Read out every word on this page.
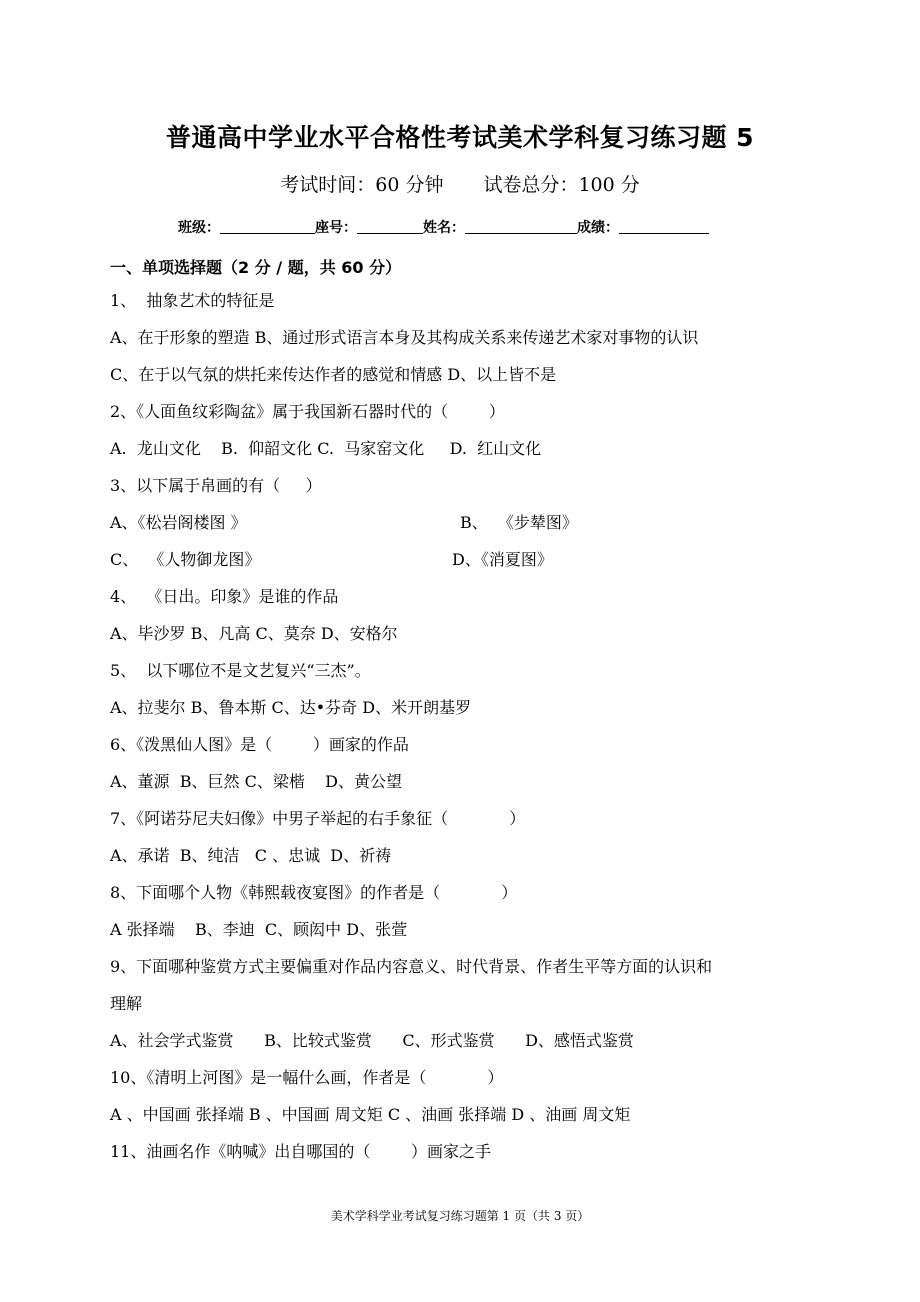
普通高中学业水平合格性考试美术学科复习练习题 5
考试时间：60 分钟 试卷总分：100 分
班级：	座号：	姓名：	成绩：
一、单项选择题（2 分 / 题，共 60 分）
1、  抽象艺术的特征是
A、在于形象的塑造 B、通过形式语言本身及其构成关系来传递艺术家对事物的认识
C、在于以气氛的烘托来传达作者的感觉和情感 D、以上皆不是
2、《人面鱼纹彩陶盆》属于我国新石器时代的（        ）
A.  龙山文化    B.  仰韶文化 C.  马家窑文化     D.  红山文化
3、以下属于帛画的有（     ）
A、《松岩阁楼图 》	B、  《步辇图》
C、  《人物御龙图》	D、《消夏图》
4、  《日出。印象》是谁的作品
A、毕沙罗 B、凡高 C、莫奈 D、安格尔
5、  以下哪位不是文艺复兴“三杰”。
A、拉斐尔 B、鲁本斯 C、达•芬奇 D、米开朗基罗
6、《泼黑仙人图》是（        ）画家的作品
A、董源  B、巨然 C、梁楷    D、黄公望
7、《阿诺芬尼夫妇像》中男子举起的右手象征（            ）
A、承诺  B、纯洁   C 、忠诚  D、祈祷
8、下面哪个人物《韩熙载夜宴图》的作者是（            ）
A 张择端    B、李迪  C、顾闳中 D、张萱
9、下面哪种鉴赏方式主要偏重对作品内容意义、时代背景、作者生平等方面的认识和
理解
A、社会学式鉴赏      B、比较式鉴赏      C、形式鉴赏      D、感悟式鉴赏
10、《清明上河图》是一幅什么画，作者是（            ）
A 、中国画 张择端 B 、中国画 周文矩 C 、油画 张择端 D 、油画 周文矩
11、油画名作《呐喊》出自哪国的（        ）画家之手
美术学科学业考试复习练习题第 1 页（共 3 页）
